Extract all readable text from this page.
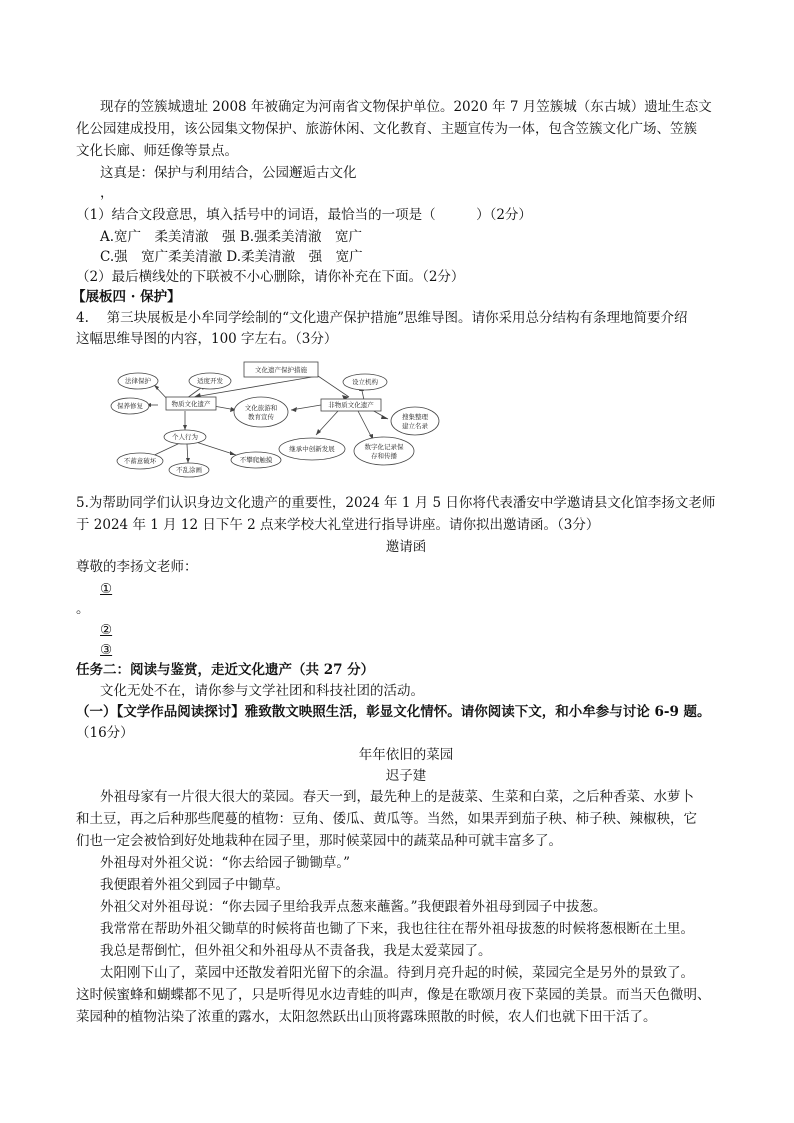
现存的笠簇城遗址 2008 年被确定为河南省文物保护单位。2020 年 7 月笠簇城（东古城）遗址生态文
化公园建成投用，该公园集文物保护、旅游休闲、文化教育、主题宣传为一体，包含笠簇文化广场、笠簇
文化长廊、师廷像等景点。
这真是：保护与利用结合，公园邂逅古文化
，
（1）结合文段意思，填入括号中的词语，最恰当的一项是（　　　）（2分）
A.宽广　柔美清澈　强 B.强柔美清澈　宽广
C.强　宽广柔美清澈 D.柔美清澈　强　宽广
（2）最后横线处的下联被不小心删除，请你补充在下面。（2分）
【展板四 · 保护】
4.　 第三块展板是小牟同学绘制的“文化遗产保护措施”思维导图。请你采用总分结构有条理地简要介绍
这幅思维导图的内容，100 字左右。（3分）
文化遗产保护措施
物质文化遗产	非物质文化遗产
法律保护	适度开发
保养修复	文化旅游和
教育宣传
设立机构
搜集整理
建立名录
个人行为
不蓄意破坏
不乱涂画
不攀爬触摸
继承中创新发展	数字化记录保
存和传播
5.为帮助同学们认识身边文化遗产的重要性，2024 年 1 月 5 日你将代表潘安中学邀请县文化馆李扬文老师
于 2024 年 1 月 12 日下午 2 点来学校大礼堂进行指导讲座。请你拟出邀请函。（3分）
邀请函
尊敬的李扬文老师：
①
。
②
③
任务二：阅读与鉴赏，走近文化遗产（共 27 分）
文化无处不在，请你参与文学社团和科技社团的活动。
（一）【文学作品阅读探讨】雅致散文映照生活，彰显文化情怀。请你阅读下文，和小牟参与讨论 6-9 题。
（16分）
年年依旧的菜园
迟子建
外祖母家有一片很大很大的菜园。春天一到，最先种上的是菠菜、生菜和白菜，之后种香菜、水萝卜
和土豆，再之后种那些爬蔓的植物：豆角、倭瓜、黄瓜等。当然，如果弄到茄子秧、柿子秧、辣椒秧，它
们也一定会被恰到好处地栽种在园子里，那时候菜园中的蔬菜品种可就丰富多了。
外祖母对外祖父说：“你去给园子锄锄草。”
我便跟着外祖父到园子中锄草。
外祖父对外祖母说：“你去园子里给我弄点葱来蘸酱。”我便跟着外祖母到园子中拔葱。
我常常在帮助外祖父锄草的时候将苗也锄了下来，我也往往在帮外祖母拔葱的时候将葱根断在土里。
我总是帮倒忙，但外祖父和外祖母从不责备我，我是太爱菜园了。
太阳刚下山了，菜园中还散发着阳光留下的余温。待到月亮升起的时候，菜园完全是另外的景致了。
这时候蜜蜂和蝴蝶都不见了，只是听得见水边青蛙的叫声，像是在歌颂月夜下菜园的美景。而当天色微明、
菜园种的植物沾染了浓重的露水，太阳忽然跃出山顶将露珠照散的时候，农人们也就下田干活了。
